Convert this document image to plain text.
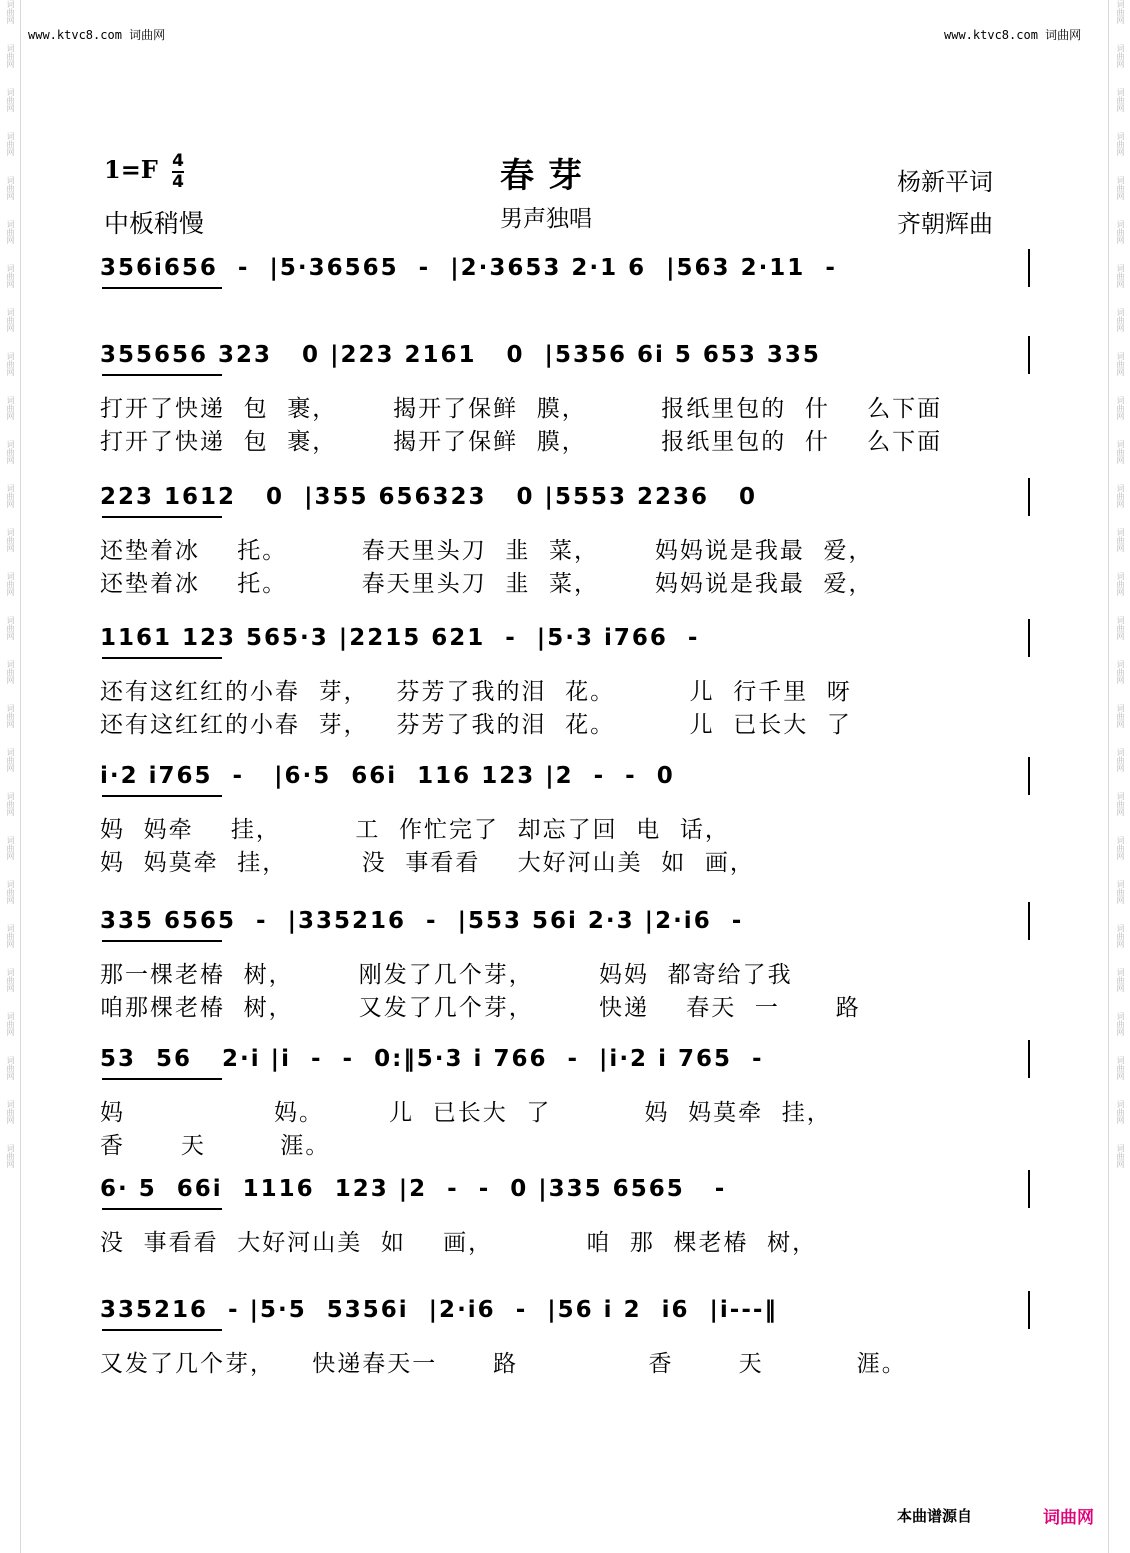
词曲网
词曲网
词曲网
词曲网
词曲网
词曲网
词曲网
词曲网
词曲网
词曲网
词曲网
词曲网
词曲网
词曲网
词曲网
词曲网
词曲网
词曲网
词曲网
词曲网
词曲网
词曲网
词曲网
词曲网
词曲网
词曲网
词曲网
词曲网
词曲网
词曲网
词曲网
词曲网
词曲网
词曲网
词曲网
词曲网
词曲网
词曲网
词曲网
词曲网
词曲网
词曲网
词曲网
词曲网
词曲网
词曲网
词曲网
词曲网
词曲网
词曲网
词曲网
词曲网
词曲网
词曲网
www.ktvc8.com 词曲网	www.ktvc8.com 词曲网
1=F 4
4	春芽
中板稍慢	男声独唱
杨新平词
齐朝辉曲
356i656  -  |5·36565  -  |2·3653 2·1 6  |563 2·11  -
355656 323   0 |223 2161   0  |5356 6i 5 653 335
打开了快递  包  裹，      揭开了保鲜  膜，        报纸里包的  什    么下面
打开了快递  包  裹，      揭开了保鲜  膜，        报纸里包的  什    么下面
223 1612   0  |355 656323   0 |5553 2236   0
还垫着冰    托。        春天里头刀  韭  菜，      妈妈说是我最  爱，
还垫着冰    托。        春天里头刀  韭  菜，      妈妈说是我最  爱，
1161 123 565·3 |2215 621  -  |5·3 i766  -
还有这红红的小春  芽，   芬芳了我的泪  花。        儿  行千里  呀
还有这红红的小春  芽，   芬芳了我的泪  花。        儿  已长大  了
i·2 i765  -   |6·5  66i  116 123 |2  -  -  0
妈  妈牵    挂，        工  作忙完了  却忘了回  电  话，
妈  妈莫牵  挂，        没  事看看    大好河山美  如  画，
335 6565  -  |335216  -  |553 56i 2·3 |2·i6  -
那一棵老椿  树，       刚发了几个芽，       妈妈  都寄给了我
咱那棵老椿  树，       又发了几个芽，       快递    春天  一      路
53  56   2·i |i  -  -  0:‖5·3 i 766  -  |i·2 i 765  -
妈                妈。       儿  已长大  了          妈  妈莫牵  挂，
香      天        涯。
6· 5  66i  1116  123 |2  -  -  0 |335 6565   -
没  事看看  大好河山美  如    画，          咱  那  棵老椿  树，
335216  - |5·5  5356i  |2·i6  -  |56 i 2  i6  |i---‖
又发了几个芽，    快递春天一      路              香       天          涯。
本曲谱源自	词曲网
